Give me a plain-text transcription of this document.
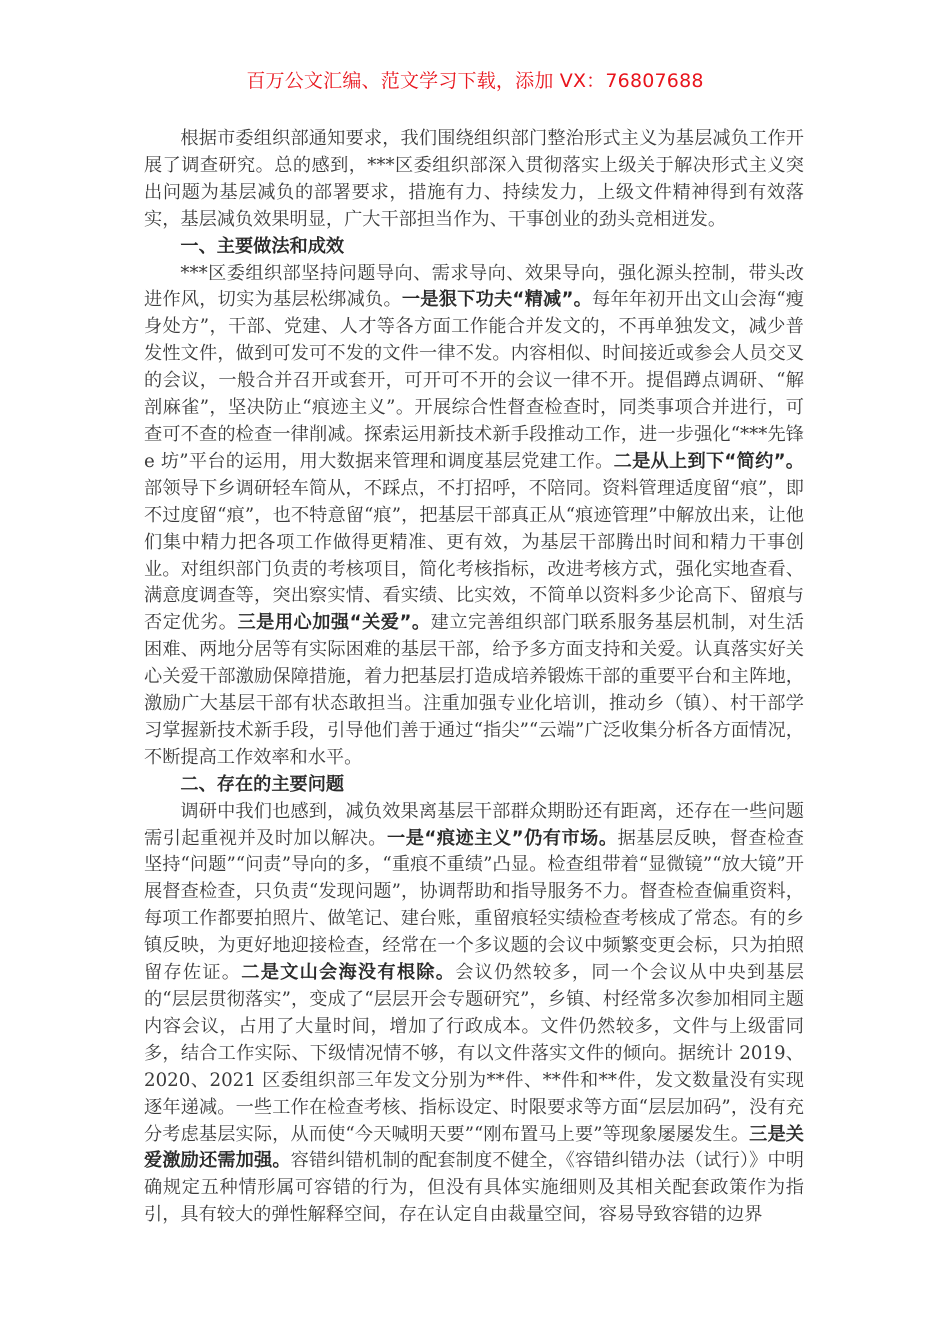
百万公文汇编、范文学习下载，添加 VX：76807688

根据市委组织部通知要求，我们围绕组织部门整治形式主义为基层减负工作开展了调查研究。总的感到，***区委组织部深入贯彻落实上级关于解决形式主义突出问题为基层减负的部署要求，措施有力、持续发力，上级文件精神得到有效落实，基层减负效果明显，广大干部担当作为、干事创业的劲头竞相迸发。

一、主要做法和成效

***区委组织部坚持问题导向、需求导向、效果导向，强化源头控制，带头改进作风，切实为基层松绑减负。一是狠下功夫“精减”。每年年初开出文山会海“瘦身处方”，干部、党建、人才等各方面工作能合并发文的，不再单独发文，减少普发性文件，做到可发可不发的文件一律不发。内容相似、时间接近或参会人员交叉的会议，一般合并召开或套开，可开可不开的会议一律不开。提倡蹲点调研、“解剖麻雀”，坚决防止“痕迹主义”。开展综合性督查检查时，同类事项合并进行，可查可不查的检查一律削减。探索运用新技术新手段推动工作，进一步强化“***先锋 e 坊”平台的运用，用大数据来管理和调度基层党建工作。二是从上到下“简约”。部领导下乡调研轻车简从，不踩点，不打招呼，不陪同。资料管理适度留“痕”，即不过度留“痕”，也不特意留“痕”，把基层干部真正从“痕迹管理”中解放出来，让他们集中精力把各项工作做得更精准、更有效，为基层干部腾出时间和精力干事创业。对组织部门负责的考核项目，简化考核指标，改进考核方式，强化实地查看、满意度调查等，突出察实情、看实绩、比实效，不简单以资料多少论高下、留痕与否定优劣。三是用心加强“关爱”。建立完善组织部门联系服务基层机制，对生活困难、两地分居等有实际困难的基层干部，给予多方面支持和关爱。认真落实好关心关爱干部激励保障措施，着力把基层打造成培养锻炼干部的重要平台和主阵地，激励广大基层干部有状态敢担当。注重加强专业化培训，推动乡（镇）、村干部学习掌握新技术新手段，引导他们善于通过“指尖”“云端”广泛收集分析各方面情况，不断提高工作效率和水平。

二、存在的主要问题

调研中我们也感到，减负效果离基层干部群众期盼还有距离，还存在一些问题需引起重视并及时加以解决。一是“痕迹主义”仍有市场。据基层反映，督查检查坚持“问题”“问责”导向的多，“重痕不重绩”凸显。检查组带着“显微镜”“放大镜”开展督查检查，只负责“发现问题”，协调帮助和指导服务不力。督查检查偏重资料，每项工作都要拍照片、做笔记、建台账，重留痕轻实绩检查考核成了常态。有的乡镇反映，为更好地迎接检查，经常在一个多议题的会议中频繁变更会标，只为拍照留存佐证。二是文山会海没有根除。会议仍然较多，同一个会议从中央到基层的“层层贯彻落实”，变成了“层层开会专题研究”，乡镇、村经常多次参加相同主题内容会议，占用了大量时间，增加了行政成本。文件仍然较多，文件与上级雷同多，结合工作实际、下级情况情不够，有以文件落实文件的倾向。据统计 2019、2020、2021 区委组织部三年发文分别为**件、**件和**件，发文数量没有实现逐年递减。一些工作在检查考核、指标设定、时限要求等方面“层层加码”，没有充分考虑基层实际，从而使“今天喊明天要”“刚布置马上要”等现象屡屡发生。三是关爱激励还需加强。容错纠错机制的配套制度不健全，《容错纠错办法（试行）》中明确规定五种情形属可容错的行为，但没有具体实施细则及其相关配套政策作为指引，具有较大的弹性解释空间，存在认定自由裁量空间，容易导致容错的边界
